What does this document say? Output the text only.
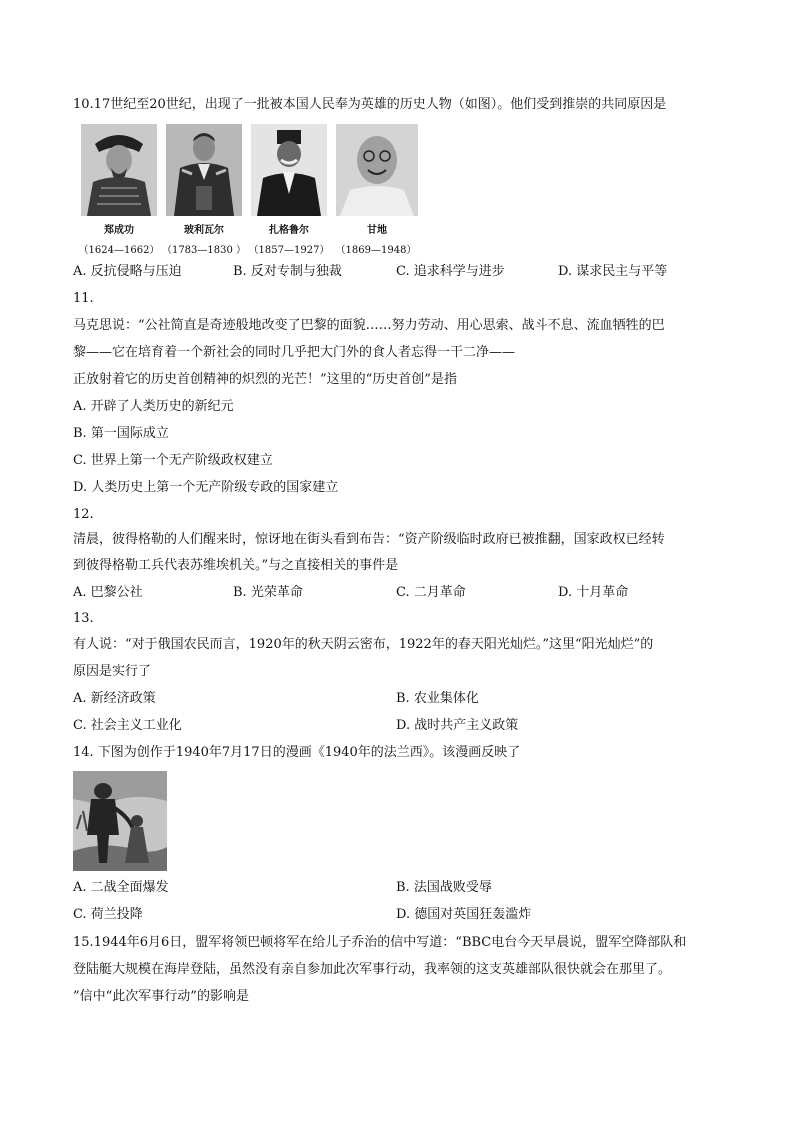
10.17世纪至20世纪，出现了一批被本国人民奉为英雄的历史人物（如图）。他们受到推崇的共同原因是
郑成功	玻利瓦尔	扎格鲁尔	甘地
（1624—1662） （1783—1830 ） （1857—1927） （1869—1948）
A. 反抗侵略与压迫	B. 反对专制与独裁	C. 追求科学与进步	D. 谋求民主与平等
11.
马克思说：“公社简直是奇迹般地改变了巴黎的面貌……努力劳动、用心思索、战斗不息、流血牺牲的巴
黎——它在培育着一个新社会的同时几乎把大门外的食人者忘得一干二净——
正放射着它的历史首创精神的炽烈的光芒！”这里的“历史首创”是指
A. 开辟了人类历史的新纪元
B. 第一国际成立
C. 世界上第一个无产阶级政权建立
D. 人类历史上第一个无产阶级专政的国家建立
12.
清晨，彼得格勒的人们醒来时，惊讶地在街头看到布告：“资产阶级临时政府已被推翻，国家政权已经转
到彼得格勒工兵代表苏维埃机关。”与之直接相关的事件是
A. 巴黎公社	B. 光荣革命	C. 二月革命	D. 十月革命
13.
有人说：“对于俄国农民而言，1920年的秋天阴云密布，1922年的春天阳光灿烂。”这里“阳光灿烂”的
原因是实行了
A. 新经济政策	B. 农业集体化
C. 社会主义工业化	D. 战时共产主义政策
14. 下图为创作于1940年7月17日的漫画《1940年的法兰西》。该漫画反映了
A. 二战全面爆发	B. 法国战败受辱
C. 荷兰投降	D. 德国对英国狂轰滥炸
15.1944年6月6日，盟军将领巴顿将军在给儿子乔治的信中写道：“BBC电台今天早晨说，盟军空降部队和
登陆艇大规模在海岸登陆，虽然没有亲自参加此次军事行动，我率领的这支英雄部队很快就会在那里了。
”信中“此次军事行动”的影响是
